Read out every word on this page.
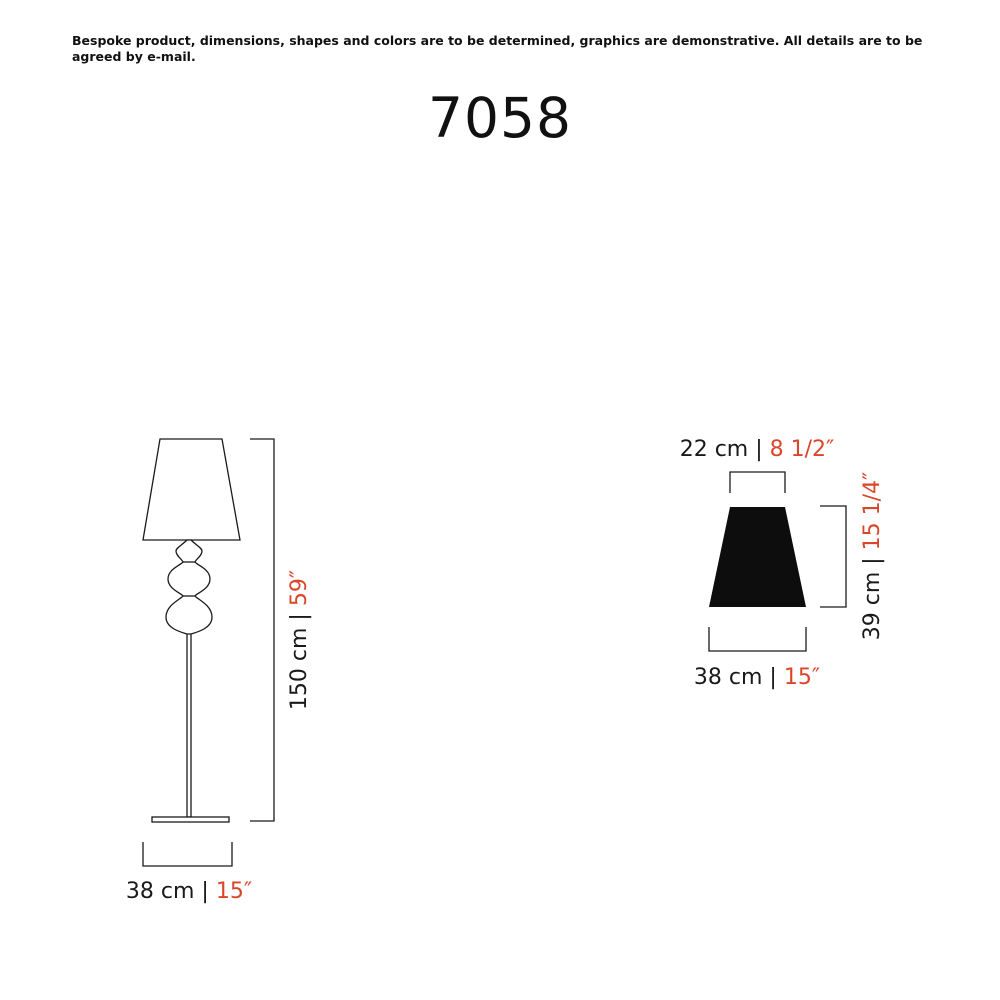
Bespoke product, dimensions, shapes and colors are to be determined, graphics are demonstrative. All details are to be agreed by e-mail.
7058
150 cm | 59″
38 cm | 15″
22 cm | 8 1/2″
39 cm | 15 1/4″
38 cm | 15″
